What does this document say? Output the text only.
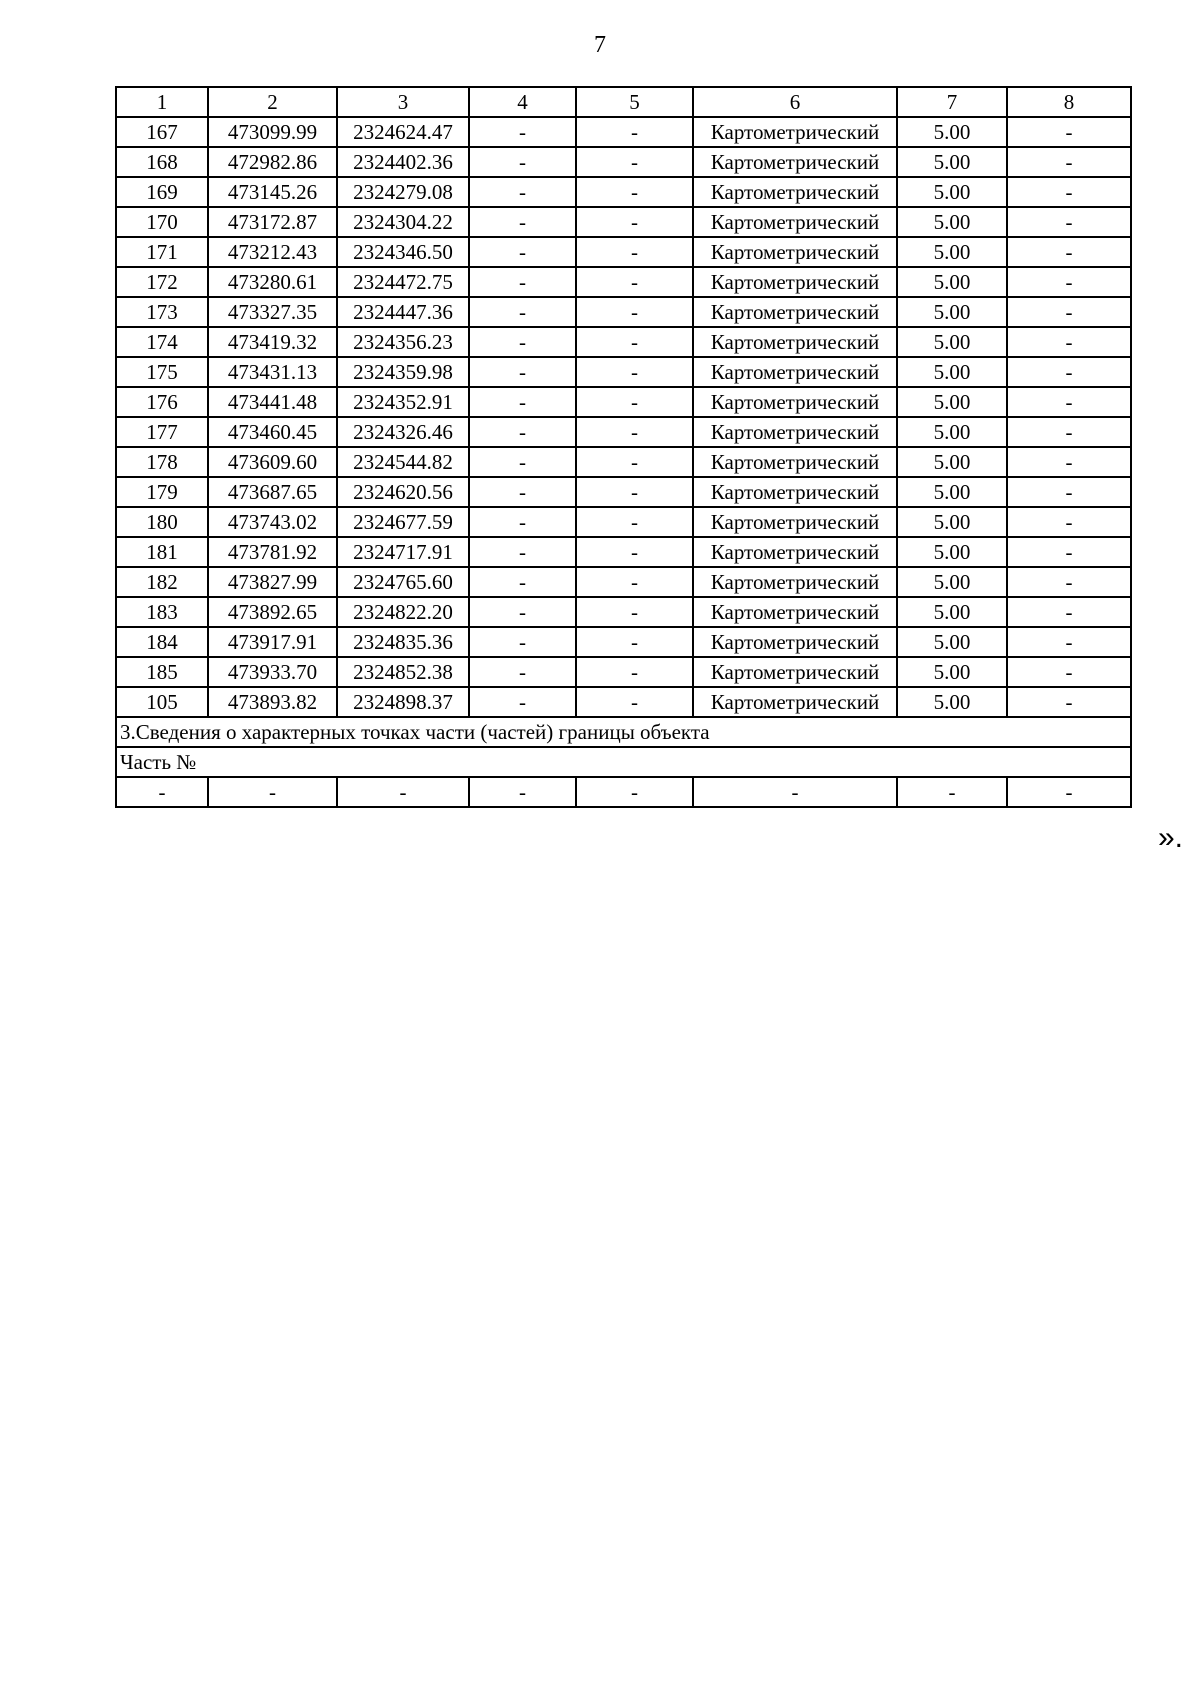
7
1	2	3	4	5	6	7	8
167	473099.99	2324624.47	-	-	Картометрический	5.00	-
168	472982.86	2324402.36	-	-	Картометрический	5.00	-
169	473145.26	2324279.08	-	-	Картометрический	5.00	-
170	473172.87	2324304.22	-	-	Картометрический	5.00	-
171	473212.43	2324346.50	-	-	Картометрический	5.00	-
172	473280.61	2324472.75	-	-	Картометрический	5.00	-
173	473327.35	2324447.36	-	-	Картометрический	5.00	-
174	473419.32	2324356.23	-	-	Картометрический	5.00	-
175	473431.13	2324359.98	-	-	Картометрический	5.00	-
176	473441.48	2324352.91	-	-	Картометрический	5.00	-
177	473460.45	2324326.46	-	-	Картометрический	5.00	-
178	473609.60	2324544.82	-	-	Картометрический	5.00	-
179	473687.65	2324620.56	-	-	Картометрический	5.00	-
180	473743.02	2324677.59	-	-	Картометрический	5.00	-
181	473781.92	2324717.91	-	-	Картометрический	5.00	-
182	473827.99	2324765.60	-	-	Картометрический	5.00	-
183	473892.65	2324822.20	-	-	Картометрический	5.00	-
184	473917.91	2324835.36	-	-	Картометрический	5.00	-
185	473933.70	2324852.38	-	-	Картометрический	5.00	-
105	473893.82	2324898.37	-	-	Картометрический	5.00	-
3.Сведения о характерных точках части (частей) границы объекта							
Часть №							
-	-	-	-	-	-	-	-
».
